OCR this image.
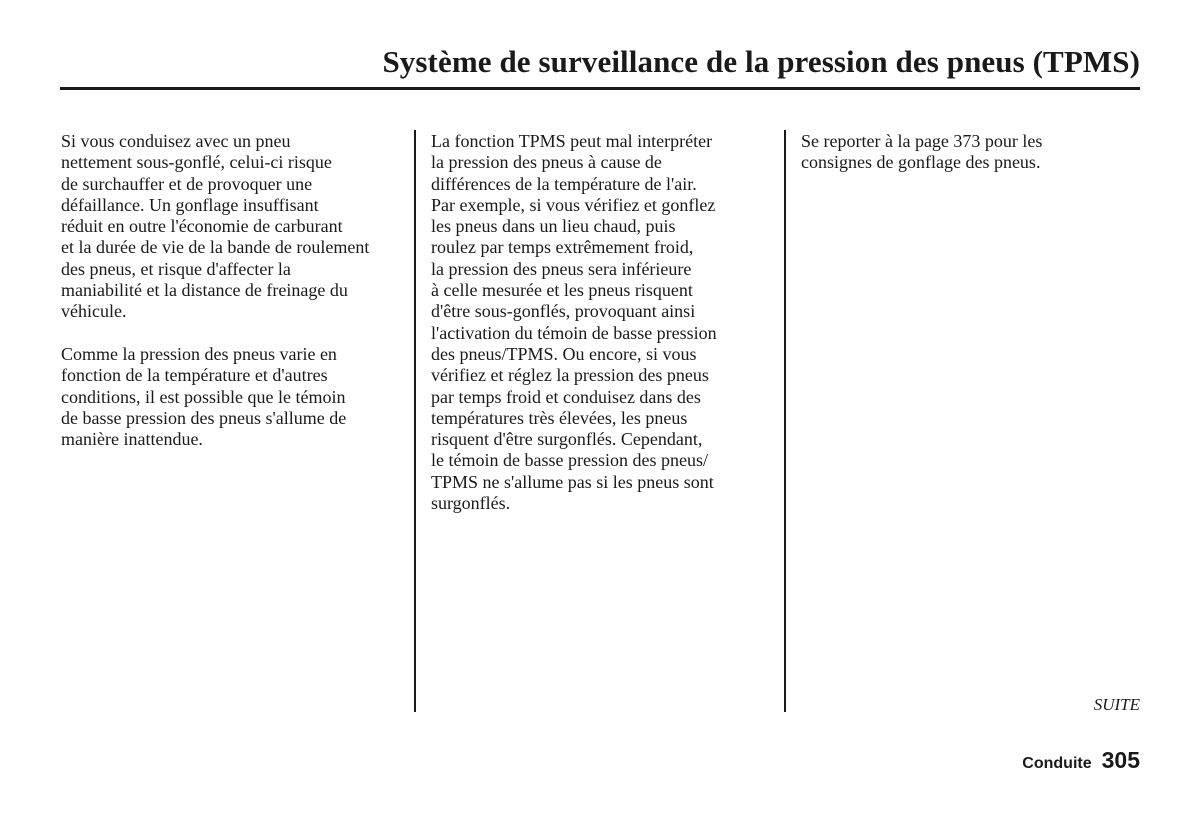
Système de surveillance de la pression des pneus (TPMS)

Si vous conduisez avec un pneu
nettement sous-gonflé, celui-ci risque
de surchauffer et de provoquer une
défaillance. Un gonflage insuffisant
réduit en outre l'économie de carburant
et la durée de vie de la bande de roulement
des pneus, et risque d'affecter la
maniabilité et la distance de freinage du
véhicule.

Comme la pression des pneus varie en
fonction de la température et d'autres
conditions, il est possible que le témoin
de basse pression des pneus s'allume de
manière inattendue.

La fonction TPMS peut mal interpréter
la pression des pneus à cause de
différences de la température de l'air.
Par exemple, si vous vérifiez et gonflez
les pneus dans un lieu chaud, puis
roulez par temps extrêmement froid,
la pression des pneus sera inférieure
à celle mesurée et les pneus risquent
d'être sous-gonflés, provoquant ainsi
l'activation du témoin de basse pression
des pneus/TPMS. Ou encore, si vous
vérifiez et réglez la pression des pneus
par temps froid et conduisez dans des
températures très élevées, les pneus
risquent d'être surgonflés. Cependant,
le témoin de basse pression des pneus/
TPMS ne s'allume pas si les pneus sont
surgonflés.

Se reporter à la page 373 pour les
consignes de gonflage des pneus.

SUITE
Conduite 305
